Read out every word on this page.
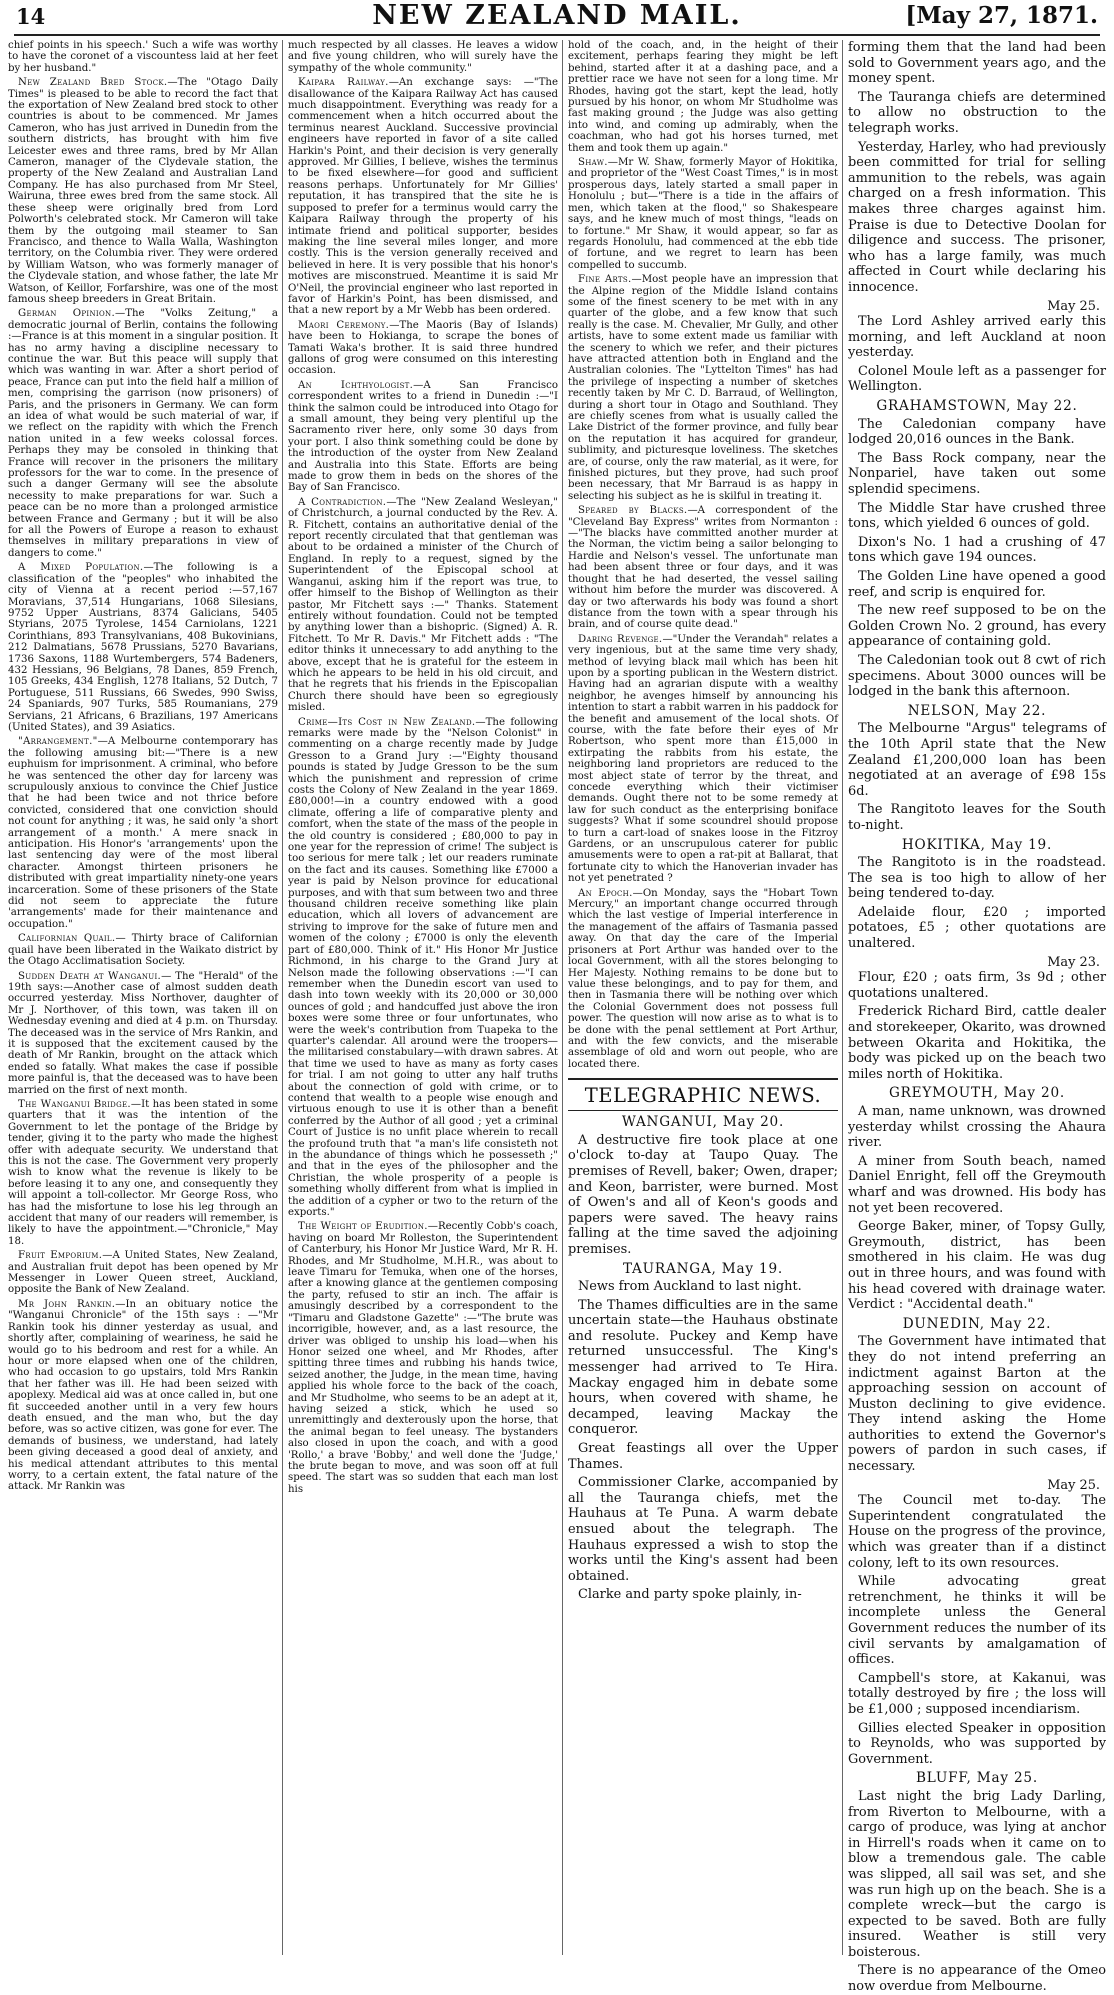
14	NEW ZEALAND MAIL.	[May 27, 1871.

chief points in his speech.' Such a wife was worthy to have the coronet of a viscountess laid at her feet by her husband."

New Zealand Bred Stock.—The "Otago Daily Times" is pleased to be able to record the fact that the exportation of New Zealand bred stock to other countries is about to be commenced. Mr James Cameron, who has just arrived in Dunedin from the southern districts, has brought with him five Leicester ewes and three rams, bred by Mr Allan Cameron, manager of the Clydevale station, the property of the New Zealand and Australian Land Company. He has also purchased from Mr Steel, Wairuna, three ewes bred from the same stock. All these sheep were originally bred from Lord Polworth's celebrated stock. Mr Cameron will take them by the outgoing mail steamer to San Francisco, and thence to Walla Walla, Washington territory, on the Columbia river. They were ordered by William Watson, who was formerly manager of the Clydevale station, and whose father, the late Mr Watson, of Keillor, Forfarshire, was one of the most famous sheep breeders in Great Britain.

German Opinion.—The "Volks Zeitung," a democratic journal of Berlin, contains the following :—France is at this moment in a singular position. It has no army having a discipline necessary to continue the war. But this peace will supply that which was wanting in war. After a short period of peace, France can put into the field half a million of men, comprising the garrison (now prisoners) of Paris, and the prisoners in Germany. We can form an idea of what would be such material of war, if we reflect on the rapidity with which the French nation united in a few weeks colossal forces. Perhaps they may be consoled in thinking that France will recover in the prisoners the military professors for the war to come. In the presence of such a danger Germany will see the absolute necessity to make preparations for war. Such a peace can be no more than a prolonged armistice between France and Germany ; but it will be also for all the Powers of Europe a reason to exhaust themselves in military preparations in view of dangers to come."

A Mixed Population.—The following is a classification of the "peoples" who inhabited the city of Vienna at a recent period :—57,167 Moravians, 37,514 Hungarians, 1068 Silesians, 9752 Upper Austrians, 8374 Galicians, 5405 Styrians, 2075 Tyrolese, 1454 Carniolans, 1221 Corinthians, 893 Transylvanians, 408 Bukovinians, 212 Dalmatians, 5678 Prussians, 5270 Bavarians, 1736 Saxons, 1188 Wurtembergers, 574 Badeners, 432 Hessians, 96 Belgians, 78 Danes, 859 French, 105 Greeks, 434 English, 1278 Italians, 52 Dutch, 7 Portuguese, 511 Russians, 66 Swedes, 990 Swiss, 24 Spaniards, 907 Turks, 585 Roumanians, 279 Servians, 21 Africans, 6 Brazilians, 197 Americans (United States), and 39 Asiatics.

"Arrangement."—A Melbourne contemporary has the following amusing bit:—"There is a new euphuism for imprisonment. A criminal, who before he was sentenced the other day for larceny was scrupulously anxious to convince the Chief Justice that he had been twice and not thrice before convicted, considered that one conviction should not count for anything ; it was, he said only 'a short arrangement of a month.' A mere snack in anticipation. His Honor's 'arrangements' upon the last sentencing day were of the most liberal character. Amongst thirteen prisoners he distributed with great impartiality ninety-one years incarceration. Some of these prisoners of the State did not seem to appreciate the future 'arrangements' made for their maintenance and occupation."

Californian Quail.— Thirty brace of Californian quail have been liberated in the Waikato district by the Otago Acclimatisation Society.

Sudden Death at Wanganui.— The "Herald" of the 19th says:—Another case of almost sudden death occurred yesterday. Miss Northover, daughter of Mr J. Northover, of this town, was taken ill on Wednesday evening and died at 4 p.m. on Thursday. The deceased was in the service of Mrs Rankin, and it is supposed that the excitement caused by the death of Mr Rankin, brought on the attack which ended so fatally. What makes the case if possible more painful is, that the deceased was to have been married on the first of next month.

The Wanganui Bridge.—It has been stated in some quarters that it was the intention of the Government to let the pontage of the Bridge by tender, giving it to the party who made the highest offer with adequate security. We understand that this is not the case. The Government very properly wish to know what the revenue is likely to be before leasing it to any one, and consequently they will appoint a toll-collector. Mr George Ross, who has had the misfortune to lose his leg through an accident that many of our readers will remember, is likely to have the appointment.—"Chronicle," May 18.

Fruit Emporium.—A United States, New Zealand, and Australian fruit depot has been opened by Mr Messenger in Lower Queen street, Auckland, opposite the Bank of New Zealand.

Mr John Rankin.—In an obituary notice the "Wanganui Chronicle" of the 15th says : —"Mr Rankin took his dinner yesterday as usual, and shortly after, complaining of weariness, he said he would go to his bedroom and rest for a while. An hour or more elapsed when one of the children, who had occasion to go upstairs, told Mrs Rankin that her father was ill. He had been seized with apoplexy. Medical aid was at once called in, but one fit succeeded another until in a very few hours death ensued, and the man who, but the day before, was so active citizen, was gone for ever. The demands of business, we understand, had lately been giving deceased a good deal of anxiety, and his medical attendant attributes to this mental worry, to a certain extent, the fatal nature of the attack. Mr Rankin was

much respected by all classes. He leaves a widow and five young children, who will surely have the sympathy of the whole community."

Kaipara Railway.—An exchange says: —"The disallowance of the Kaipara Railway Act has caused much disappointment. Everything was ready for a commencement when a hitch occurred about the terminus nearest Auckland. Successive provincial engineers have reported in favor of a site called Harkin's Point, and their decision is very generally approved. Mr Gillies, I believe, wishes the terminus to be fixed elsewhere—for good and sufficient reasons perhaps. Unfortunately for Mr Gillies' reputation, it has transpired that the site he is supposed to prefer for a terminus would carry the Kaipara Railway through the property of his intimate friend and political supporter, besides making the line several miles longer, and more costly. This is the version generally received and believed in here. It is very possible that his honor's motives are misconstrued. Meantime it is said Mr O'Neil, the provincial engineer who last reported in favor of Harkin's Point, has been dismissed, and that a new report by a Mr Webb has been ordered.

Maori Ceremony.—The Maoris (Bay of Islands) have been to Hokianga, to scrape the bones of Tamati Waka's brother. It is said three hundred gallons of grog were consumed on this interesting occasion.

An Ichthyologist.—A San Francisco correspondent writes to a friend in Dunedin :—"I think the salmon could be introduced into Otago for a small amount, they being very plentiful up the Sacramento river here, only some 30 days from your port. I also think something could be done by the introduction of the oyster from New Zealand and Australia into this State. Efforts are being made to grow them in beds on the shores of the Bay of San Francisco.

A Contradiction.—The "New Zealand Wesleyan," of Christchurch, a journal conducted by the Rev. A. R. Fitchett, contains an authoritative denial of the report recently circulated that that gentleman was about to be ordained a minister of the Church of England. In reply to a request, signed by the Superintendent of the Episcopal school at Wanganui, asking him if the report was true, to offer himself to the Bishop of Wellington as their pastor, Mr Fitchett says :—" Thanks. Statement entirely without foundation. Could not be tempted by anything lower than a bishopric. (Signed) A. R. Fitchett. To Mr R. Davis." Mr Fitchett adds : "The editor thinks it unnecessary to add anything to the above, except that he is grateful for the esteem in which he appears to be held in his old circuit, and that he regrets that his friends in the Episcopalian Church there should have been so egregiously misled.

Crime—Its Cost in New Zealand.—The following remarks were made by the "Nelson Colonist" in commenting on a charge recently made by Judge Gresson to a Grand Jury :—"Eighty thousand pounds is stated by Judge Gresson to be the sum which the punishment and repression of crime costs the Colony of New Zealand in the year 1869. £80,000!—in a country endowed with a good climate, offering a life of comparative plenty and comfort, when the state of the mass of the people in the old country is considered ; £80,000 to pay in one year for the repression of crime! The subject is too serious for mere talk ; let our readers ruminate on the fact and its causes. Something like £7000 a year is paid by Nelson province for educational purposes, and with that sum between two and three thousand children receive something like plain education, which all lovers of advancement are striving to improve for the sake of future men and women of the colony ; £7000 is only the eleventh part of £80,000. Think of it." His Honor Mr Justice Richmond, in his charge to the Grand Jury at Nelson made the following observations :—"I can remember when the Dunedin escort van used to dash into town weekly with its 20,000 or 30,000 ounces of gold ; and handcuffed just above the iron boxes were some three or four unfortunates, who were the week's contribution from Tuapeka to the quarter's calendar. All around were the troopers—the militarised constabulary—with drawn sabres. At that time we used to have as many as forty cases for trial. I am not going to utter any half truths about the connection of gold with crime, or to contend that wealth to a people wise enough and virtuous enough to use it is other than a benefit conferred by the Author of all good ; yet a criminal Court of Justice is no unfit place wherein to recall the profound truth that "a man's life consisteth not in the abundance of things which he possesseth ;" and that in the eyes of the philosopher and the Christian, the whole prosperity of a people is something wholly different from what is implied in the addition of a cypher or two to the return of the exports."

The Weight of Erudition.—Recently Cobb's coach, having on board Mr Rolleston, the Superintendent of Canterbury, his Honor Mr Justice Ward, Mr R. H. Rhodes, and Mr Studholme, M.H.R., was about to leave Timaru for Temuka, when one of the horses, after a knowing glance at the gentlemen composing the party, refused to stir an inch. The affair is amusingly described by a correspondent to the "Timaru and Gladstone Gazette" :—"The brute was incorrigible, however, and, as a last resource, the driver was obliged to unship his load—when his Honor seized one wheel, and Mr Rhodes, after spitting three times and rubbing his hands twice, seized another, the Judge, in the mean time, having applied his whole force to the back of the coach, and Mr Studholme, who seems to be an adept at it, having seized a stick, which he used so unremittingly and dexterously upon the horse, that the animal began to feel uneasy. The bystanders also closed in upon the coach, and with a good 'Rollo,' a brave 'Bobby,' and well done the 'Judge,' the brute began to move, and was soon off at full speed. The start was so sudden that each man lost his

hold of the coach, and, in the height of their excitement, perhaps fearing they might be left behind, started after it at a dashing pace, and a prettier race we have not seen for a long time. Mr Rhodes, having got the start, kept the lead, hotly pursued by his honor, on whom Mr Studholme was fast making ground ; the Judge was also getting into wind, and coming up admirably, when the coachman, who had got his horses turned, met them and took them up again."

Shaw.—Mr W. Shaw, formerly Mayor of Hokitika, and proprietor of the "West Coast Times," is in most prosperous days, lately started a small paper in Honolulu ; but—"There is a tide in the affairs of men, which taken at the flood," so Shakespeare says, and he knew much of most things, "leads on to fortune." Mr Shaw, it would appear, so far as regards Honolulu, had commenced at the ebb tide of fortune, and we regret to learn has been compelled to succumb.

Fine Arts.—Most people have an impression that the Alpine region of the Middle Island contains some of the finest scenery to be met with in any quarter of the globe, and a few know that such really is the case. M. Chevalier, Mr Gully, and other artists, have to some extent made us familiar with the scenery to which we refer, and their pictures have attracted attention both in England and the Australian colonies. The "Lyttelton Times" has had the privilege of inspecting a number of sketches recently taken by Mr C. D. Barraud, of Wellington, during a short tour in Otago and Southland. They are chiefly scenes from what is usually called the Lake District of the former province, and fully bear on the reputation it has acquired for grandeur, sublimity, and picturesque loveliness. The sketches are, of course, only the raw material, as it were, for finished pictures, but they prove, had such proof been necessary, that Mr Barraud is as happy in selecting his subject as he is skilful in treating it.

Speared by Blacks.—A correspondent of the "Cleveland Bay Express" writes from Normanton :—"The blacks have committed another murder at the Norman, the victim being a sailor belonging to Hardie and Nelson's vessel. The unfortunate man had been absent three or four days, and it was thought that he had deserted, the vessel sailing without him before the murder was discovered. A day or two afterwards his body was found a short distance from the town with a spear through his brain, and of course quite dead."

Daring Revenge.—"Under the Verandah" relates a very ingenious, but at the same time very shady, method of levying black mail which has been hit upon by a sporting publican in the Western district. Having had an agrarian dispute with a wealthy neighbor, he avenges himself by announcing his intention to start a rabbit warren in his paddock for the benefit and amusement of the local shots. Of course, with the fate before their eyes of Mr Robertson, who spent more than £15,000 in extirpating the rabbits from his estate, the neighboring land proprietors are reduced to the most abject state of terror by the threat, and concede everything which their victimiser demands. Ought there not to be some remedy at law for such conduct as the enterprising boniface suggests? What if some scoundrel should propose to turn a cart-load of snakes loose in the Fitzroy Gardens, or an unscrupulous caterer for public amusements were to open a rat-pit at Ballarat, that fortunate city to which the Hanoverian invader has not yet penetrated ?

An Epoch.—On Monday, says the "Hobart Town Mercury," an important change occurred through which the last vestige of Imperial interference in the management of the affairs of Tasmania passed away. On that day the care of the Imperial prisoners at Port Arthur was handed over to the local Government, with all the stores belonging to Her Majesty. Nothing remains to be done but to value these belongings, and to pay for them, and then in Tasmania there will be nothing over which the Colonial Government does not possess full power. The question will now arise as to what is to be done with the penal settlement at Port Arthur, and with the few convicts, and the miserable assemblage of old and worn out people, who are located there.

TELEGRAPHIC NEWS.
WANGANUI, May 20.

A destructive fire took place at one o'clock to-day at Taupo Quay. The premises of Revell, baker; Owen, draper; and Keon, barrister, were burned. Most of Owen's and all of Keon's goods and papers were saved. The heavy rains falling at the time saved the adjoining premises.

TAURANGA, May 19.

News from Auckland to last night.

The Thames difficulties are in the same uncertain state—the Hauhaus obstinate and resolute. Puckey and Kemp have returned unsuccessful. The King's messenger had arrived to Te Hira. Mackay engaged him in debate some hours, when covered with shame, he decamped, leaving Mackay the conqueror.

Great feastings all over the Upper Thames.

Commissioner Clarke, accompanied by all the Tauranga chiefs, met the Hauhaus at Te Puna. A warm debate ensued about the telegraph. The Hauhaus expressed a wish to stop the works until the King's assent had been obtained.

Clarke and party spoke plainly, in-

forming them that the land had been sold to Government years ago, and the money spent.

The Tauranga chiefs are determined to allow no obstruction to the telegraph works.

Yesterday, Harley, who had previously been committed for trial for selling ammunition to the rebels, was again charged on a fresh information. This makes three charges against him. Praise is due to Detective Doolan for diligence and success. The prisoner, who has a large family, was much affected in Court while declaring his innocence.

May 25.

The Lord Ashley arrived early this morning, and left Auckland at noon yesterday.

Colonel Moule left as a passenger for Wellington.

GRAHAMSTOWN, May 22.

The Caledonian company have lodged 20,016 ounces in the Bank.

The Bass Rock company, near the Nonpariel, have taken out some splendid specimens.

The Middle Star have crushed three tons, which yielded 6 ounces of gold.

Dixon's No. 1 had a crushing of 47 tons which gave 194 ounces.

The Golden Line have opened a good reef, and scrip is enquired for.

The new reef supposed to be on the Golden Crown No. 2 ground, has every appearance of containing gold.

The Caledonian took out 8 cwt of rich specimens. About 3000 ounces will be lodged in the bank this afternoon.

NELSON, May 22.

The Melbourne "Argus" telegrams of the 10th April state that the New Zealand £1,200,000 loan has been negotiated at an average of £98 15s 6d.

The Rangitoto leaves for the South to-night.

HOKITIKA, May 19.

The Rangitoto is in the roadstead. The sea is too high to allow of her being tendered to-day.

Adelaide flour, £20 ; imported potatoes, £5 ; other quotations are unaltered.

May 23.

Flour, £20 ; oats firm, 3s 9d ; other quotations unaltered.

Frederick Richard Bird, cattle dealer and storekeeper, Okarito, was drowned between Okarita and Hokitika, the body was picked up on the beach two miles north of Hokitika.

GREYMOUTH, May 20.

A man, name unknown, was drowned yesterday whilst crossing the Ahaura river.

A miner from South beach, named Daniel Enright, fell off the Greymouth wharf and was drowned. His body has not yet been recovered.

George Baker, miner, of Topsy Gully, Greymouth, district, has been smothered in his claim. He was dug out in three hours, and was found with his head covered with drainage water. Verdict : "Accidental death."

DUNEDIN, May 22.

The Government have intimated that they do not intend preferring an indictment against Barton at the approaching session on account of Muston declining to give evidence. They intend asking the Home authorities to extend the Governor's powers of pardon in such cases, if necessary.

May 25.

The Council met to-day. The Superintendent congratulated the House on the progress of the province, which was greater than if a distinct colony, left to its own resources.

While advocating great retrenchment, he thinks it will be incomplete unless the General Government reduces the number of its civil servants by amalgamation of offices.

Campbell's store, at Kakanui, was totally destroyed by fire ; the loss will be £1,000 ; supposed incendiarism.

Gillies elected Speaker in opposition to Reynolds, who was supported by Government.

BLUFF, May 25.

Last night the brig Lady Darling, from Riverton to Melbourne, with a cargo of produce, was lying at anchor in Hirrell's roads when it came on to blow a tremendous gale. The cable was slipped, all sail was set, and she was run high up on the beach. She is a complete wreck—but the cargo is expected to be saved. Both are fully insured. Weather is still very boisterous.

There is no appearance of the Omeo now overdue from Melbourne.
